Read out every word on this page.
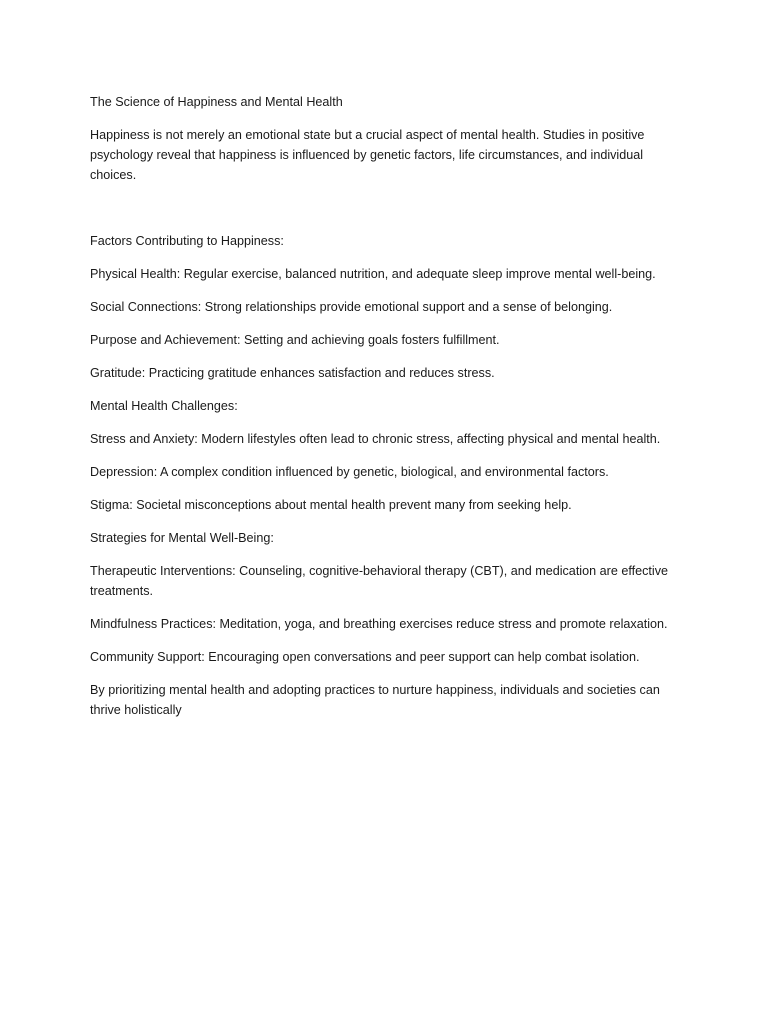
The Science of Happiness and Mental Health

Happiness is not merely an emotional state but a crucial aspect of mental health. Studies in positive psychology reveal that happiness is influenced by genetic factors, life circumstances, and individual choices.

Factors Contributing to Happiness:

Physical Health: Regular exercise, balanced nutrition, and adequate sleep improve mental well-being.

Social Connections: Strong relationships provide emotional support and a sense of belonging.

Purpose and Achievement: Setting and achieving goals fosters fulfillment.

Gratitude: Practicing gratitude enhances satisfaction and reduces stress.

Mental Health Challenges:

Stress and Anxiety: Modern lifestyles often lead to chronic stress, affecting physical and mental health.

Depression: A complex condition influenced by genetic, biological, and environmental factors.

Stigma: Societal misconceptions about mental health prevent many from seeking help.

Strategies for Mental Well-Being:

Therapeutic Interventions: Counseling, cognitive-behavioral therapy (CBT), and medication are effective treatments.

Mindfulness Practices: Meditation, yoga, and breathing exercises reduce stress and promote relaxation.

Community Support: Encouraging open conversations and peer support can help combat isolation.

By prioritizing mental health and adopting practices to nurture happiness, individuals and societies can thrive holistically
